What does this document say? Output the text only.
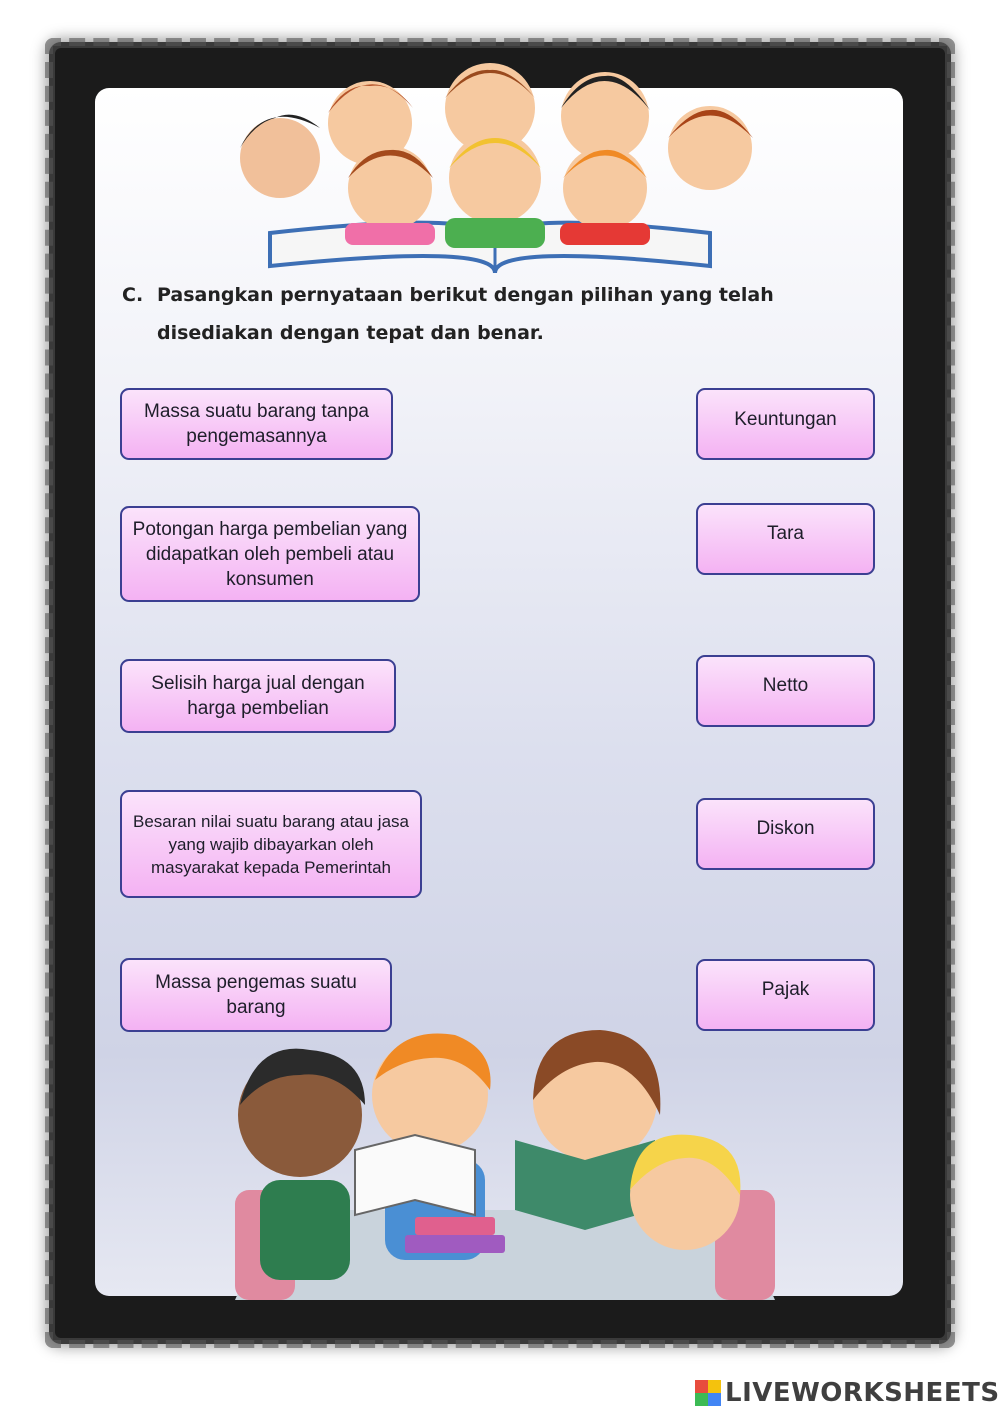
C. Pasangkan pernyataan berikut dengan pilihan yang telah
disediakan dengan tepat dan benar.
Massa suatu barang tanpa pengemasannya
Potongan harga pembelian yang didapatkan oleh pembeli atau konsumen
Selisih harga jual dengan harga pembelian
Besaran nilai suatu barang atau jasa yang wajib dibayarkan oleh masyarakat kepada Pemerintah
Massa pengemas suatu barang
Keuntungan
Tara
Netto
Diskon
Pajak
LIVEWORKSHEETS
